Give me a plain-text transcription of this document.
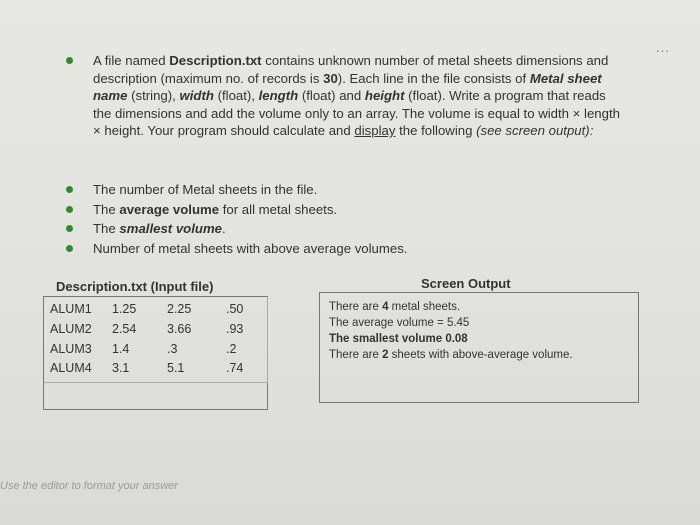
...
A file named Description.txt contains unknown number of metal sheets dimensions and description (maximum no. of records is 30). Each line in the file consists of Metal sheet name (string), width (float), length (float) and height (float). Write a program that reads the dimensions and add the volume only to an array. The volume is equal to width × length × height. Your program should calculate and display the following (see screen output):
The number of Metal sheets in the file.
The average volume for all metal sheets.
The smallest volume.
Number of metal sheets with above average volumes.
Description.txt (Input file)
ALUM1 1.25 2.25	.50
ALUM2 2.54 3.66	.93
ALUM3 1.4	.3	.2
ALUM4 3.1	5.1	.74
Screen Output
There are 4 metal sheets.
The average volume = 5.45
The smallest volume 0.08
There are 2 sheets with above-average volume.
Use the editor to format your answer
